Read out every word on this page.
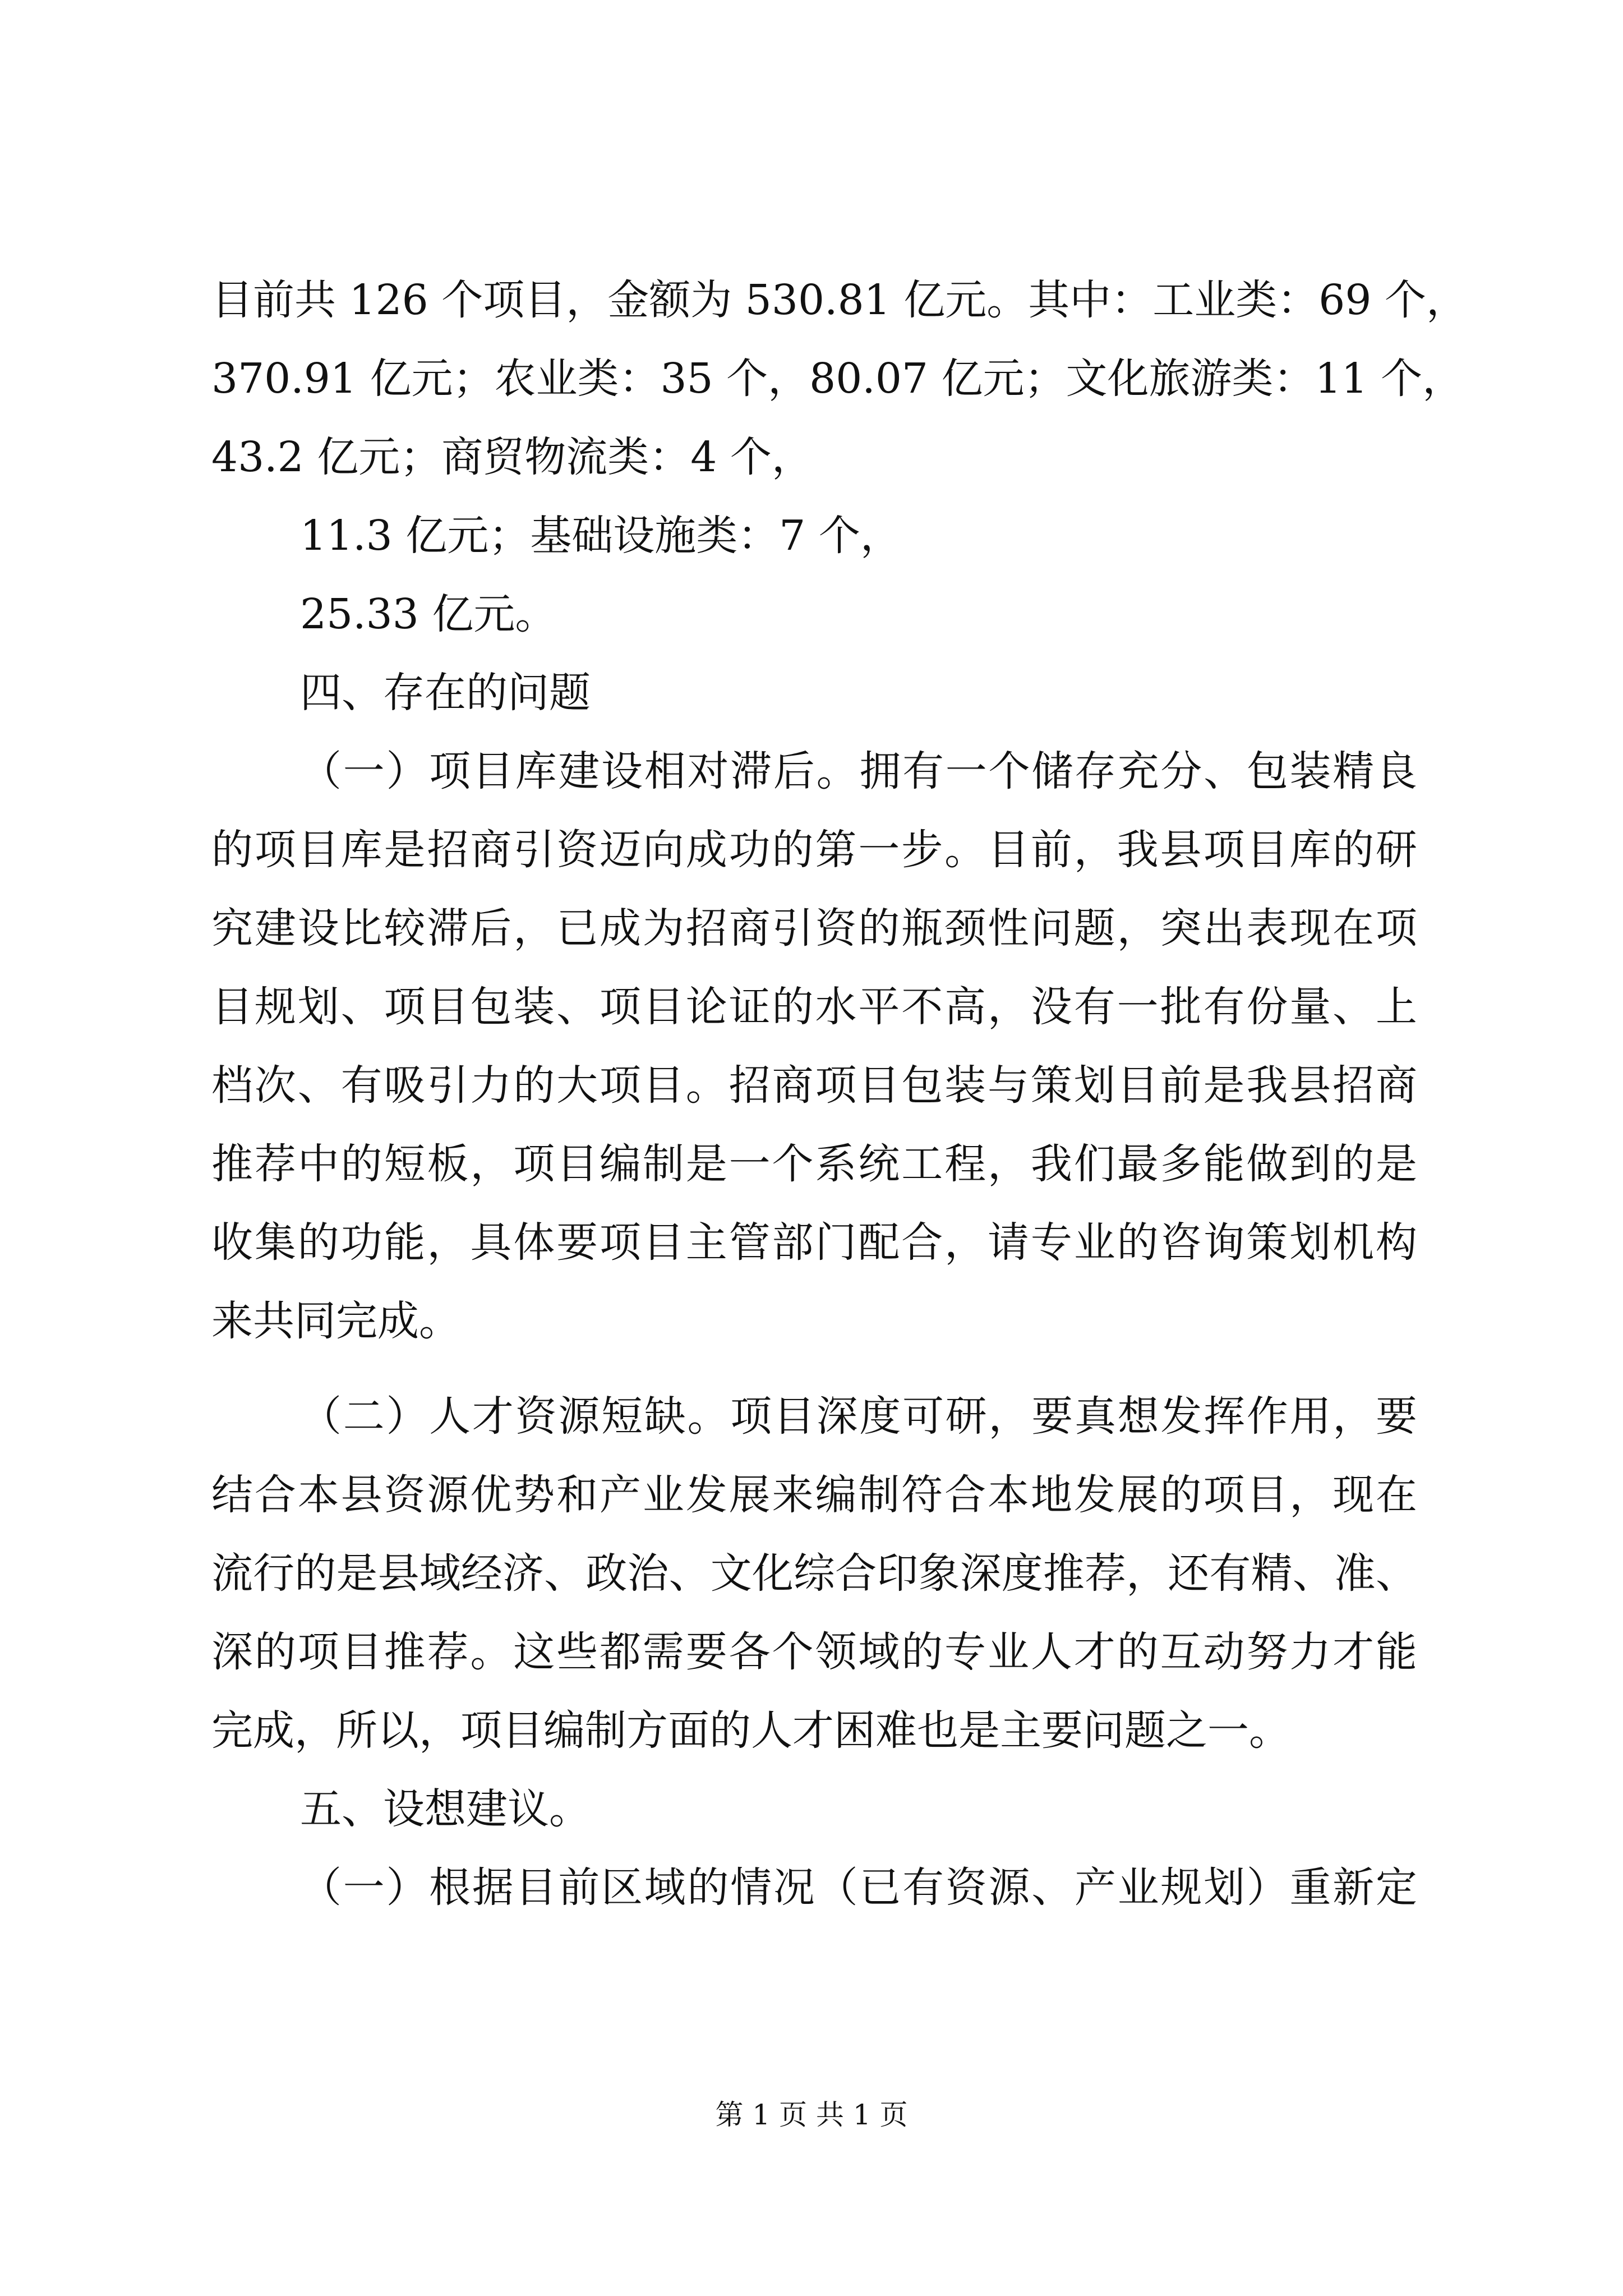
目前共 126 个项目，金额为 530.81 亿元。其中：工业类：69 个，
370.91 亿元；农业类：35 个，80.07 亿元；文化旅游类：11 个，
43.2 亿元；商贸物流类：4 个，
11.3 亿元；基础设施类：7 个，
25.33 亿元。
四、存在的问题
（一）项目库建设相对滞后。拥有一个储存充分、包装精良
的项目库是招商引资迈向成功的第一步。目前，我县项目库的研
究建设比较滞后，已成为招商引资的瓶颈性问题，突出表现在项
目规划、项目包装、项目论证的水平不高，没有一批有份量、上
档次、有吸引力的大项目。招商项目包装与策划目前是我县招商
推荐中的短板，项目编制是一个系统工程，我们最多能做到的是
收集的功能，具体要项目主管部门配合，请专业的咨询策划机构
来共同完成。
（二）人才资源短缺。项目深度可研，要真想发挥作用，要
结合本县资源优势和产业发展来编制符合本地发展的项目，现在
流行的是县域经济、政治、文化综合印象深度推荐，还有精、准、
深的项目推荐。这些都需要各个领域的专业人才的互动努力才能
完成，所以，项目编制方面的人才困难也是主要问题之一。
五、设想建议。
（一）根据目前区域的情况（已有资源、产业规划）重新定
第 1 页 共 1 页
